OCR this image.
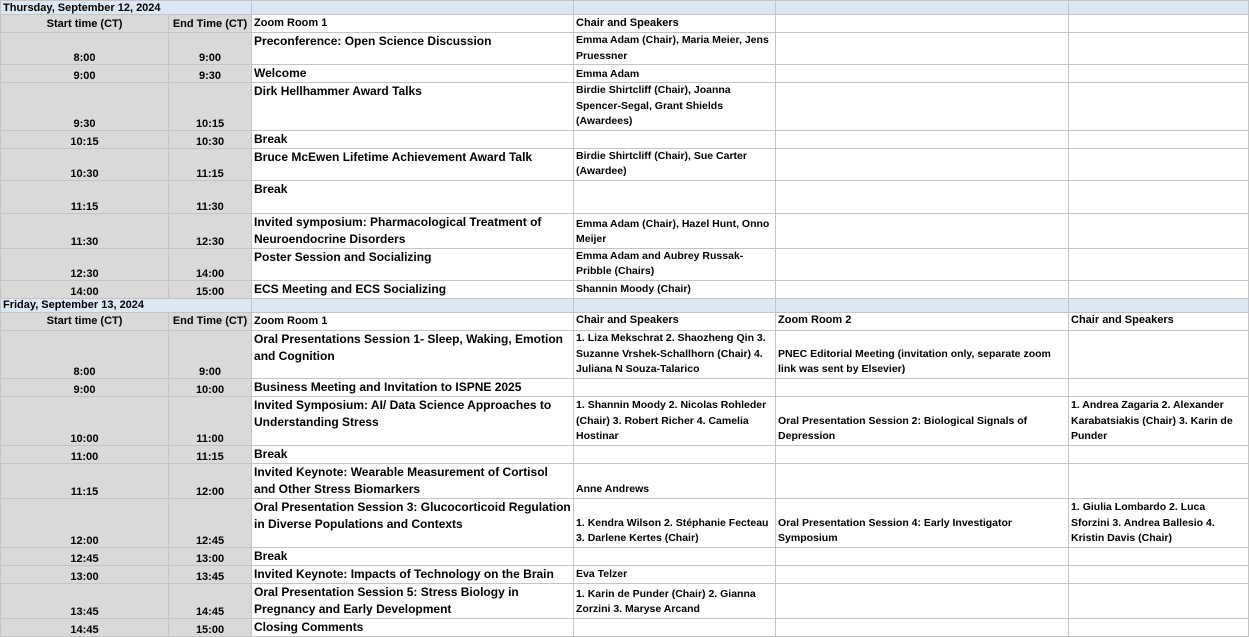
Thursday, September 12, 2024					
Start time (CT)	End Time (CT)	Zoom Room 1	Chair and Speakers		
8:00	9:00	Preconference: Open Science Discussion	Emma Adam (Chair), Maria Meier, Jens Pruessner		
9:00	9:30	Welcome	Emma Adam		
9:30	10:15	Dirk Hellhammer Award Talks	Birdie Shirtcliff (Chair), Joanna Spencer-Segal, Grant Shields (Awardees)		
10:15	10:30	Break			
10:30	11:15	Bruce McEwen Lifetime Achievement Award Talk	Birdie Shirtcliff (Chair), Sue Carter (Awardee)		
11:15	11:30	Break			
11:30	12:30	Invited symposium: Pharmacological Treatment of Neuroendocrine Disorders	Emma Adam (Chair), Hazel Hunt, Onno Meijer		
12:30	14:00	Poster Session and Socializing	Emma Adam and Aubrey Russak-Pribble (Chairs)		
14:00	15:00	ECS Meeting and ECS Socializing	Shannin Moody (Chair)		
Friday, September 13, 2024					
Start time (CT)	End Time (CT)	Zoom Room 1	Chair and Speakers	Zoom Room 2	Chair and Speakers
8:00	9:00	Oral Presentations Session 1- Sleep, Waking, Emotion and Cognition	1. Liza Mekschrat 2. Shaozheng Qin 3. Suzanne Vrshek-Schallhorn (Chair) 4. Juliana N Souza-Talarico	PNEC Editorial Meeting (invitation only, separate zoom link was sent by Elsevier)	
9:00	10:00	Business Meeting and Invitation to ISPNE 2025			
10:00	11:00	Invited Symposium: AI/ Data Science Approaches to Understanding Stress	1. Shannin Moody 2. Nicolas Rohleder (Chair) 3. Robert Richer 4. Camelia Hostinar	Oral Presentation Session 2: Biological Signals of Depression	1. Andrea Zagaria 2. Alexander Karabatsiakis (Chair) 3. Karin de Punder
11:00	11:15	Break			
11:15	12:00	Invited Keynote: Wearable Measurement of Cortisol and Other Stress Biomarkers	Anne Andrews		
12:00	12:45	Oral Presentation Session 3: Glucocorticoid Regulation in Diverse Populations and Contexts	1. Kendra Wilson 2. Stéphanie Fecteau 3. Darlene Kertes (Chair)	Oral Presentation Session 4: Early Investigator Symposium	1. Giulia Lombardo 2. Luca Sforzini 3. Andrea Ballesio 4. Kristin Davis (Chair)
12:45	13:00	Break			
13:00	13:45	Invited Keynote: Impacts of Technology on the Brain	Eva Telzer		
13:45	14:45	Oral Presentation Session 5: Stress Biology in Pregnancy and Early Development	1. Karin de Punder (Chair) 2. Gianna Zorzini 3. Maryse Arcand		
14:45	15:00	Closing Comments			
